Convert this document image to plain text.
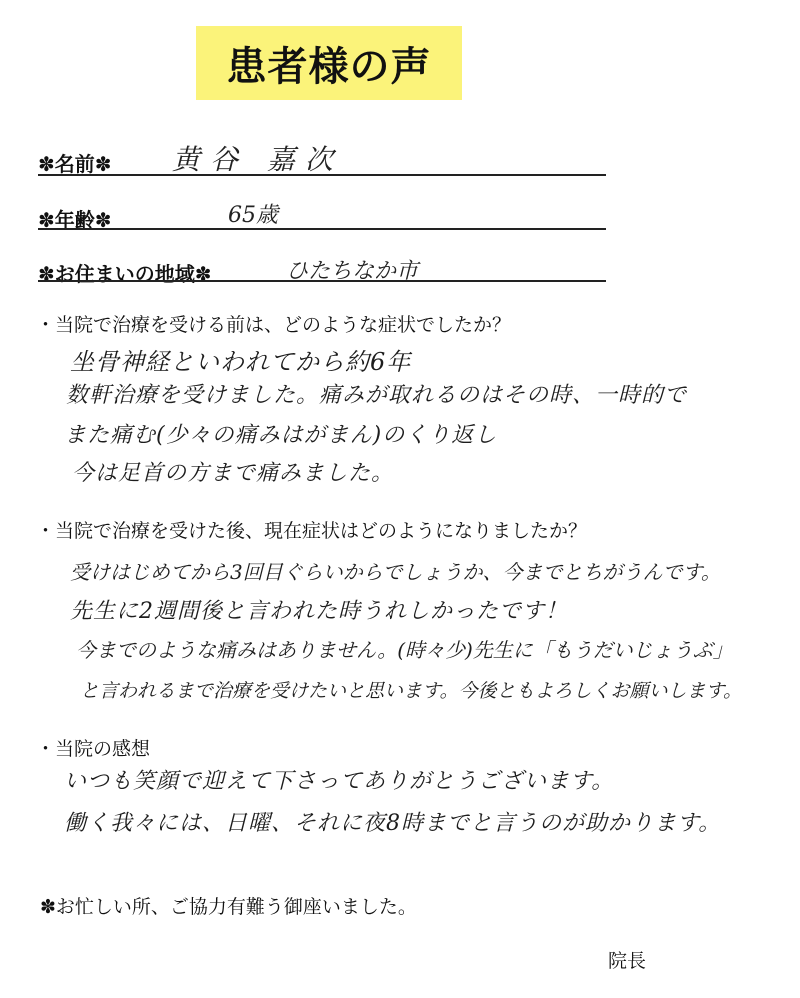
患者様の声
✽名前✽ 黄谷 嘉次
✽年齢✽	65歳
✽お住まいの地域✽	ひたちなか市
・当院で治療を受ける前は、どのような症状でしたか？
坐骨神経といわれてから約6年
数軒治療を受けました。痛みが取れるのはその時、一時的で
また痛む(少々の痛みはがまん)のくり返し
今は足首の方まで痛みました。
・当院で治療を受けた後、現在症状はどのようになりましたか？
受けはじめてから3回目ぐらいからでしょうか、今までとちがうんです。
先生に2週間後と言われた時うれしかったです！
今までのような痛みはありません。(時々少)先生に「もうだいじょうぶ」
と言われるまで治療を受けたいと思います。今後ともよろしくお願いします。
・当院の感想
いつも笑顔で迎えて下さってありがとうございます。
働く我々には、日曜、それに夜8時までと言うのが助かります。
✽お忙しい所、ご協力有難う御座いました。
院長
